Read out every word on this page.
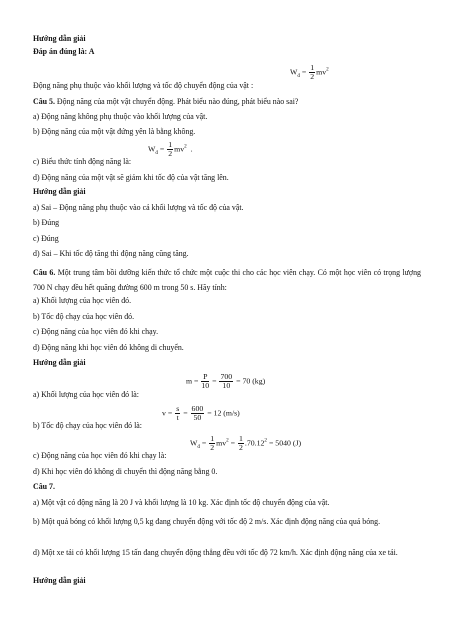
Hướng dẫn giải
Đáp án đúng là: A
Động năng phụ thuộc vào khối lượng và tốc độ chuyển động của vật :
$W_đ = \frac{1}{2} mv^2$
Câu 5. Động năng của một vật chuyển động. Phát biểu nào đúng, phát biểu nào sai?
a) Động năng không phụ thuộc vào khối lượng của vật.
b) Động năng của một vật đứng yên là bằng không.
c) Biểu thức tính động năng là:
$W_đ = \frac{1}{2} mv^2$  .
d) Động năng của một vật sẽ giảm khi tốc độ của vật tăng lên.
Hướng dẫn giải
a) Sai – Động năng phụ thuộc vào cả khối lượng và tốc độ của vật.
b) Đúng
c) Đúng
d) Sai – Khi tốc độ tăng thì động năng cũng tăng.
Câu 6. Một trung tâm bồi dưỡng kiến thức tổ chức một cuộc thi cho các học viên chạy. Có một học viên có trọng lượng 700 N chạy đều hết quãng đường 600 m trong 50 s. Hãy tính:
a) Khối lượng của học viên đó.
b) Tốc độ chạy của học viên đó.
c) Động năng của học viên đó khi chạy.
d) Động năng khi học viên đó không di chuyển.
Hướng dẫn giải
a) Khối lượng của học viên đó là:
$m = \frac{P}{10} = \frac{700}{10} = 70$ (kg)
b) Tốc độ chạy của học viên đó là:
$v = \frac{s}{t} = \frac{600}{50} = 12$ (m/s)
c) Động năng của học viên đó khi chạy là:
$W_đ = \frac{1}{2} mv^2 = \frac{1}{2} .70.12^2 = 5040$ (J)
d) Khi học viên đó không di chuyển thì động năng bằng 0.
Câu 7.
a) Một vật có động năng là 20 J và khối lượng là 10 kg. Xác định tốc độ chuyển động của vật.
b) Một quả bóng có khối lượng 0,5 kg đang chuyển động với tốc độ 2 m/s. Xác định động năng của quả bóng.
d) Một xe tải có khối lượng 15 tấn đang chuyển động thẳng đều với tốc độ 72 km/h. Xác định động năng của xe tải.
Hướng dẫn giải
